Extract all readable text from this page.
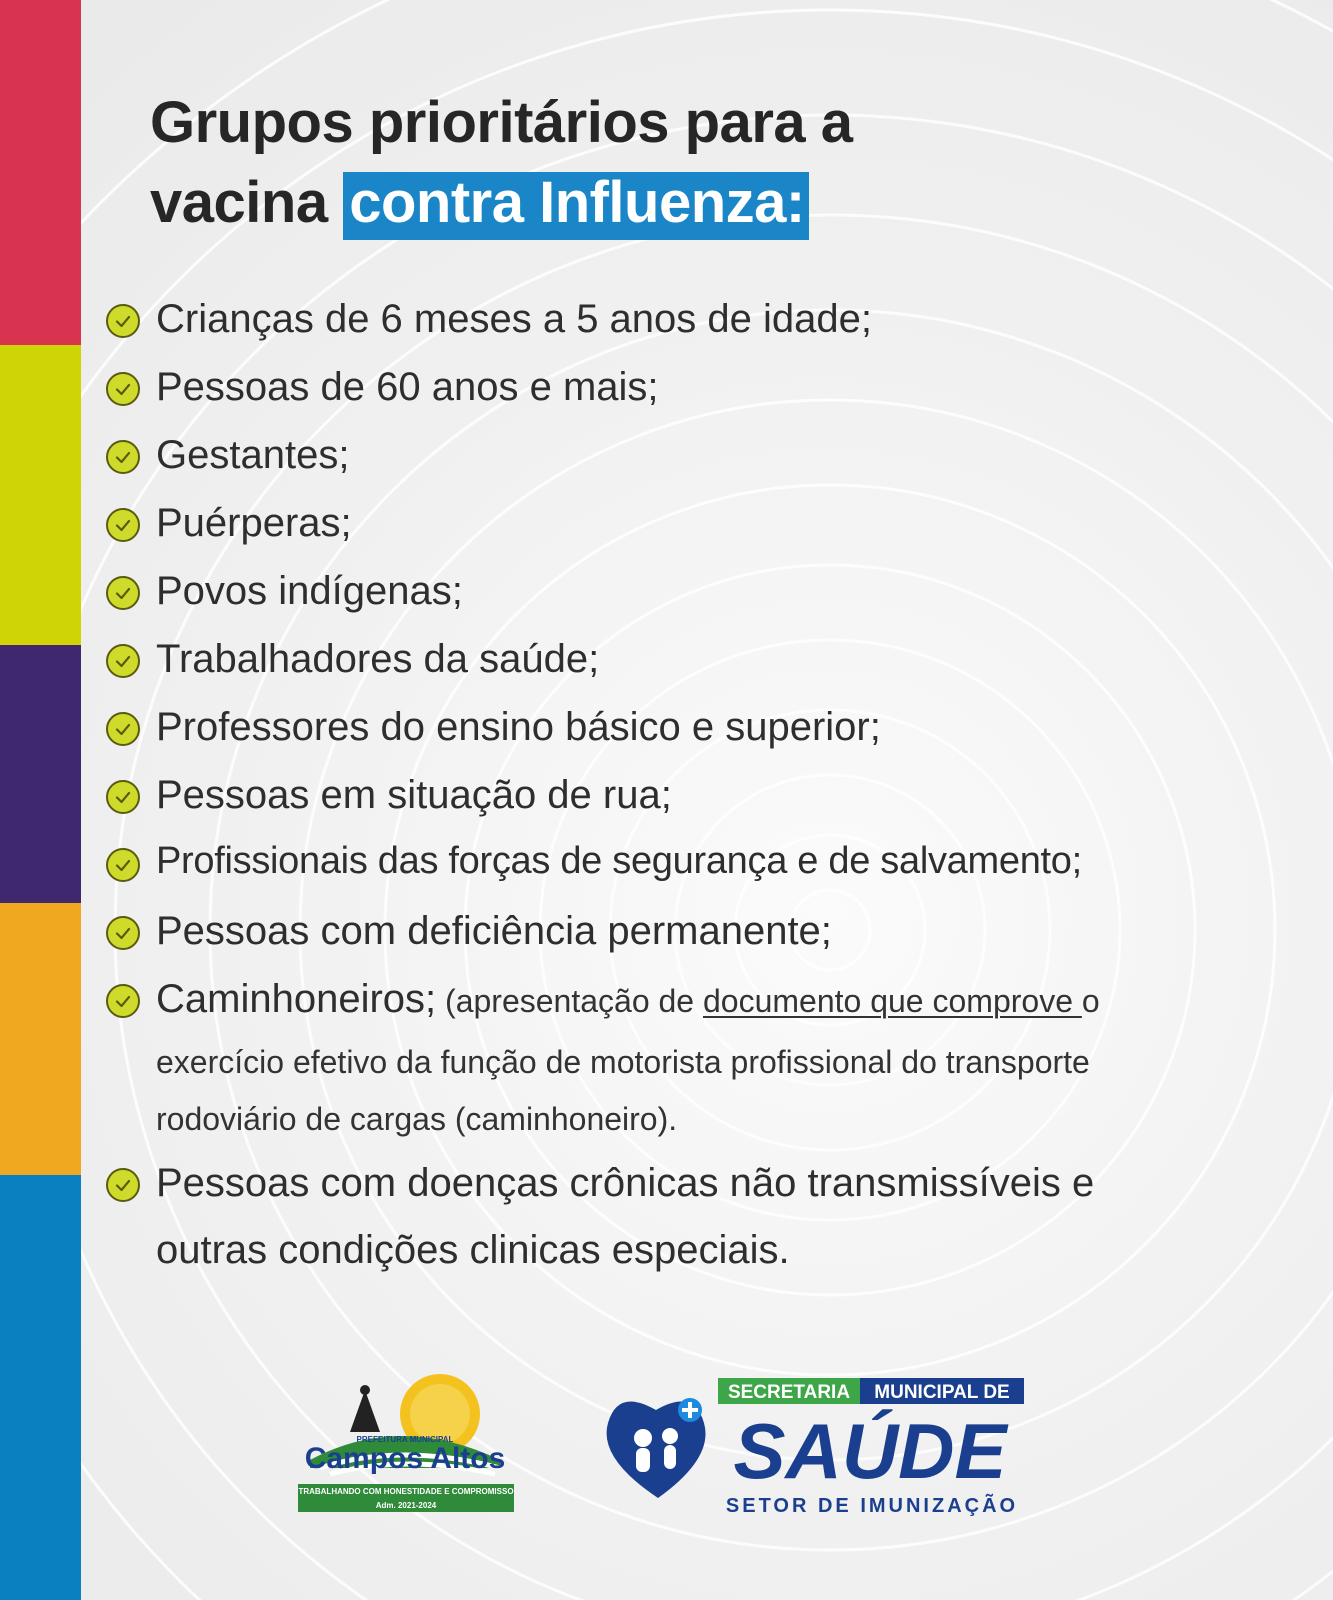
Grupos prioritários para a
vacina contra Influenza:
Crianças de 6 meses a 5 anos de idade;
Pessoas de 60 anos e mais;
Gestantes;
Puérperas;
Povos indígenas;
Trabalhadores da saúde;
Professores do ensino básico e superior;
Pessoas em situação de rua;
Profissionais das forças de segurança e de salvamento;
Pessoas com deficiência permanente;
Caminhoneiros; (apresentação de documento que comprove o
exercício efetivo da função de motorista profissional do transporte
rodoviário de cargas (caminhoneiro).
Pessoas com doenças crônicas não transmissíveis e
outras condições clinicas especiais.
PREFEITURA MUNICIPAL
Campos Altos
TRABALHANDO COM HONESTIDADE E COMPROMISSO
Adm. 2021-2024
SECRETARIA MUNICIPAL DE
SAÚDE
SETOR DE IMUNIZAÇÃO
